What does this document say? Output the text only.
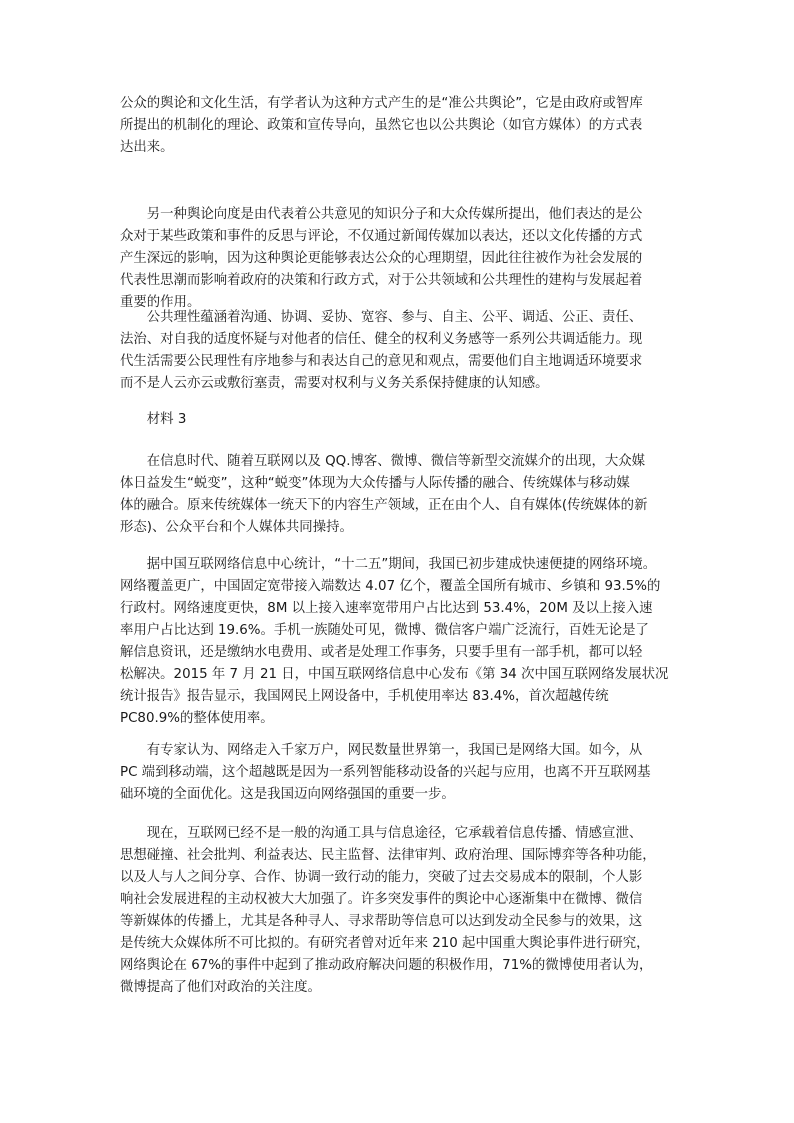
公众的舆论和文化生活，有学者认为这种方式产生的是“准公共舆论”，它是由政府或智库
所提出的机制化的理论、政策和宣传导向，虽然它也以公共舆论（如官方媒体）的方式表
达出来。
　　另一种舆论向度是由代表着公共意见的知识分子和大众传媒所提出，他们表达的是公
众对于某些政策和事件的反思与评论，不仅通过新闻传媒加以表达，还以文化传播的方式
产生深远的影响，因为这种舆论更能够表达公众的心理期望，因此往往被作为社会发展的
代表性思潮而影响着政府的决策和行政方式，对于公共领域和公共理性的建构与发展起着
重要的作用。
　　公共理性蕴涵着沟通、协调、妥协、宽容、参与、自主、公平、调适、公正、责任、
法治、对自我的适度怀疑与对他者的信任、健全的权利义务感等一系列公共调适能力。现
代生活需要公民理性有序地参与和表达自己的意见和观点，需要他们自主地调适环境要求
而不是人云亦云或敷衍塞责，需要对权利与义务关系保持健康的认知感。
　　材料 3
　　在信息时代、随着互联网以及 QQ.博客、微博、微信等新型交流媒介的出现，大众媒
体日益发生“蜕变”，这种“蜕变”体现为大众传播与人际传播的融合、传统媒体与移动媒
体的融合。原来传统媒体一统天下的内容生产领域，正在由个人、自有媒体(传统媒体的新
形态)、公众平台和个人媒体共同操持。
　　据中国互联网络信息中心统计，“十二五”期间，我国已初步建成快速便捷的网络环境。
网络覆盖更广，中国固定宽带接入端数达 4.07 亿个，覆盖全国所有城市、乡镇和 93.5%的
行政村。网络速度更快，8M 以上接入速率宽带用户占比达到 53.4%，20M 及以上接入速
率用户占比达到 19.6%。手机一族随处可见，微博、微信客户端广泛流行，百姓无论是了
解信息资讯，还是缴纳水电费用、或者是处理工作事务，只要手里有一部手机，都可以轻
松解决。2015 年 7 月 21 日，中国互联网络信息中心发布《第 34 次中国互联网络发展状况
统计报告》报告显示，我国网民上网设备中，手机使用率达 83.4%，首次超越传统
PC80.9%的整体使用率。
　　有专家认为、网络走入千家万户，网民数量世界第一，我国已是网络大国。如今，从
PC 端到移动端，这个超越既是因为一系列智能移动设备的兴起与应用，也离不开互联网基
础环境的全面优化。这是我国迈向网络强国的重要一步。
　　现在，互联网已经不是一般的沟通工具与信息途径，它承载着信息传播、情感宣泄、
思想碰撞、社会批判、利益表达、民主监督、法律审判、政府治理、国际博弈等各种功能，
以及人与人之间分享、合作、协调一致行动的能力，突破了过去交易成本的限制，个人影
响社会发展进程的主动权被大大加强了。许多突发事件的舆论中心逐渐集中在微博、微信
等新媒体的传播上，尤其是各种寻人、寻求帮助等信息可以达到发动全民参与的效果，这
是传统大众媒体所不可比拟的。有研究者曾对近年来 210 起中国重大舆论事件进行研究，
网络舆论在 67%的事件中起到了推动政府解决问题的积极作用，71%的微博使用者认为，
微博提高了他们对政治的关注度。
